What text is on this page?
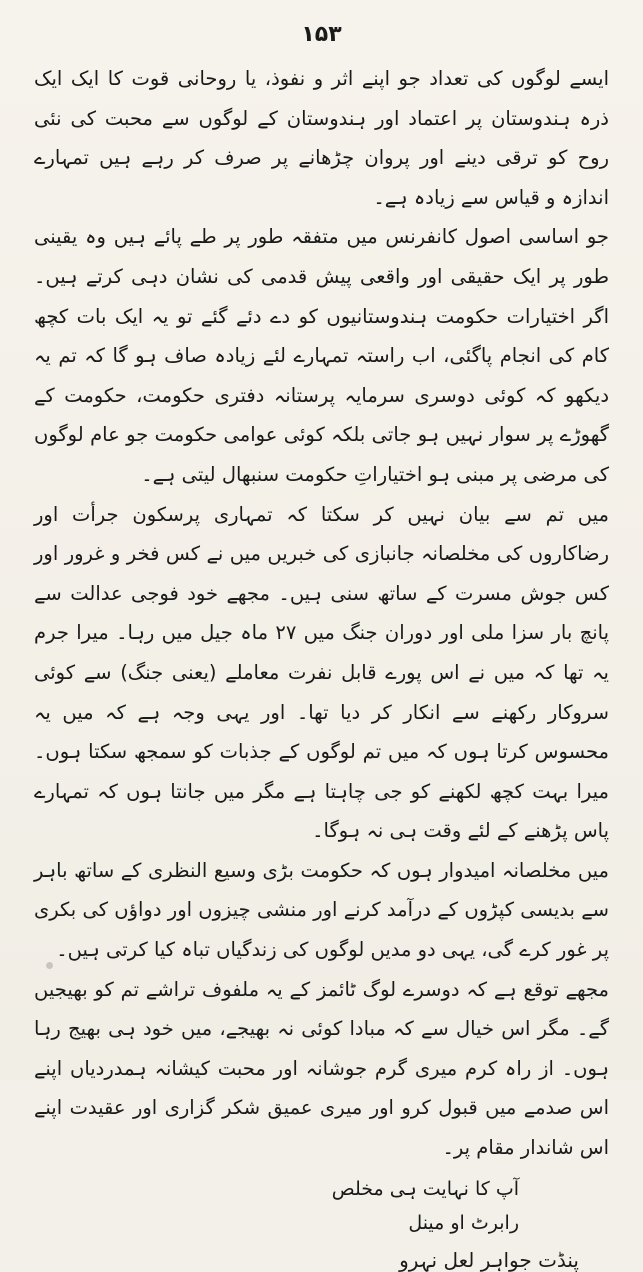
۱۵۳

ایسے لوگوں کی تعداد جو اپنے اثر و نفوذ، یا روحانی قوت کا ایک ایک ذرہ ہندوستان پر اعتماد اور ہندوستان کے لوگوں سے محبت کی نئی روح کو ترقی دینے اور پروان چڑھانے پر صرف کر رہے ہیں تمہارے اندازہ و قیاس سے زیادہ ہے۔

جو اساسی اصول کانفرنس میں متفقہ طور پر طے پائے ہیں وہ یقینی طور پر ایک حقیقی اور واقعی پیش قدمی کی نشان دہی کرتے ہیں۔ اگر اختیارات حکومت ہندوستانیوں کو دے دئے گئے تو یہ ایک بات کچھ کام کی انجام پاگئی، اب راستہ تمہارے لئے زیادہ صاف ہو گا کہ تم یہ دیکھو کہ کوئی دوسری سرمایہ پرستانہ دفتری حکومت، حکومت کے گھوڑے پر سوار نہیں ہو جاتی بلکہ کوئی عوامی حکومت جو عام لوگوں کی مرضی پر مبنی ہو اختیاراتِ حکومت سنبھال لیتی ہے۔

میں تم سے بیان نہیں کر سکتا کہ تمہاری پرسکون جرأت اور رضاکاروں کی مخلصانہ جانبازی کی خبریں میں نے کس فخر و غرور اور کس جوش مسرت کے ساتھ سنی ہیں۔ مجھے خود فوجی عدالت سے پانچ بار سزا ملی اور دوران جنگ میں ۲۷ ماہ جیل میں رہا۔ میرا جرم یہ تھا کہ میں نے اس پورے قابل نفرت معاملے (یعنی جنگ) سے کوئی سروکار رکھنے سے انکار کر دیا تھا۔ اور یہی وجہ ہے کہ میں یہ محسوس کرتا ہوں کہ میں تم لوگوں کے جذبات کو سمجھ سکتا ہوں۔ میرا بہت کچھ لکھنے کو جی چاہتا ہے مگر میں جانتا ہوں کہ تمہارے پاس پڑھنے کے لئے وقت ہی نہ ہوگا۔

میں مخلصانہ امیدوار ہوں کہ حکومت بڑی وسیع النظری کے ساتھ باہر سے بدیسی کپڑوں کے درآمد کرنے اور منشی چیزوں اور دواؤں کی بکری پر غور کرے گی، یہی دو مدیں لوگوں کی زندگیاں تباہ کیا کرتی ہیں۔

مجھے توقع ہے کہ دوسرے لوگ ٹائمز کے یہ ملفوف تراشے تم کو بھیجیں گے۔ مگر اس خیال سے کہ مبادا کوئی نہ بھیجے، میں خود ہی بھیج رہا ہوں۔ از راہ کرم میری گرم جوشانہ اور محبت کیشانہ ہمدردیاں اپنے اس صدمے میں قبول کرو اور میری عمیق شکر گزاری اور عقیدت اپنے اس شاندار مقام پر۔

آپ کا نہایت ہی مخلص
رابرٹ او مینل
پنڈت جواہر لعل نہرو
